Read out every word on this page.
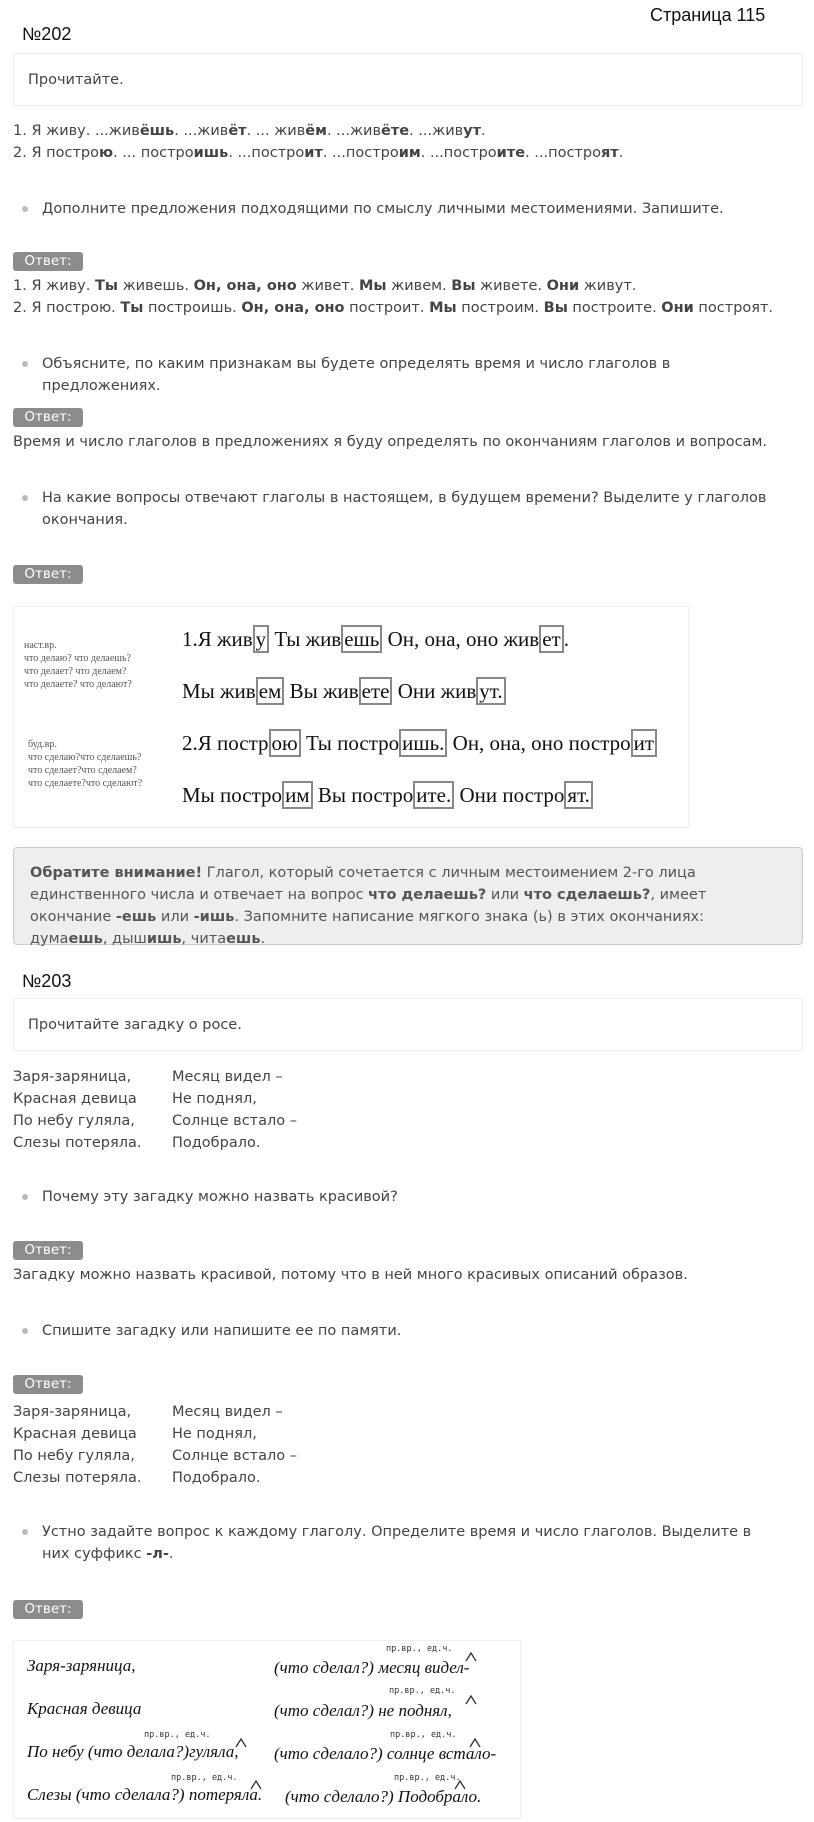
Страница 115
№202
Прочитайте.
1. Я живу. ...живёшь. ...живёт. ... живём. ...живёте. ...живут.
2. Я построю. ... построишь. ...построит. ...построим. ...построите. ...построят.
Дополните предложения подходящими по смыслу личными местоимениями. Запишите.
Ответ:
1. Я живу. Ты живешь. Он, она, оно живет. Мы живем. Вы живете. Они живут.
2. Я построю. Ты построишь. Он, она, оно построит. Мы построим. Вы построите. Они построят.
Объясните, по каким признакам вы будете определять время и число глаголов в предложениях.
Ответ:
Время и число глаголов в предложениях я буду определять по окончаниям глаголов и вопросам.
На какие вопросы отвечают глаголы в настоящем, в будущем времени? Выделите у глаголов окончания.
Ответ:
наст.вр.
что делаю? что делаешь?
что делает? что делаем?
что делаете? что делают?
буд.вр.
что сделаю?что сделаешь?
что сделает?что сделаем?
что сделаете?что сделают?
1.Я жив у Ты жив ешь Он, она, оно жив ет .
Мы жив ем Вы жив ете Они жив ут.
2.Я постр ою Ты постро ишь. Он, она, оно постро ит
Мы постро им Вы постро ите. Они постро ят.
Обратите внимание! Глагол, который сочетается с личным местоимением 2-го лица единственного числа и отвечает на вопрос что делаешь? или что сделаешь?, имеет окончание -ешь или -ишь. Запомните написание мягкого знака (ь) в этих окончаниях: думаешь, дышишь, читаешь.
№203
Прочитайте загадку о росе.
Заря-заряница,
Красная девица
По небу гуляла,
Слезы потеряла.
Месяц видел –
Не поднял,
Солнце встало –
Подобрало.
Почему эту загадку можно назвать красивой?
Ответ:
Загадку можно назвать красивой, потому что в ней много красивых описаний образов.
Спишите загадку или напишите ее по памяти.
Ответ:
Заря-заряница,
Красная девица
По небу гуляла,
Слезы потеряла.
Месяц видел –
Не поднял,
Солнце встало –
Подобрало.
Устно задайте вопрос к каждому глаголу. Определите время и число глаголов. Выделите в них суффикс -л-.
Ответ:
Заря-заряница,
Красная девица
По небу (что делала?)гуляла,
Слезы (что сделала?) потеряла.
(что сделал?) месяц видел-
(что сделал?) не поднял,
(что сделало?) солнце встало-
(что сделало?) Подобрало.
пр.вр., ед.ч.
пр.вр., ед.ч.
пр.вр., ед.ч.
пр.вр., ед.ч.
пр.вр., ед.ч.
пр.вр., ед.ч.
